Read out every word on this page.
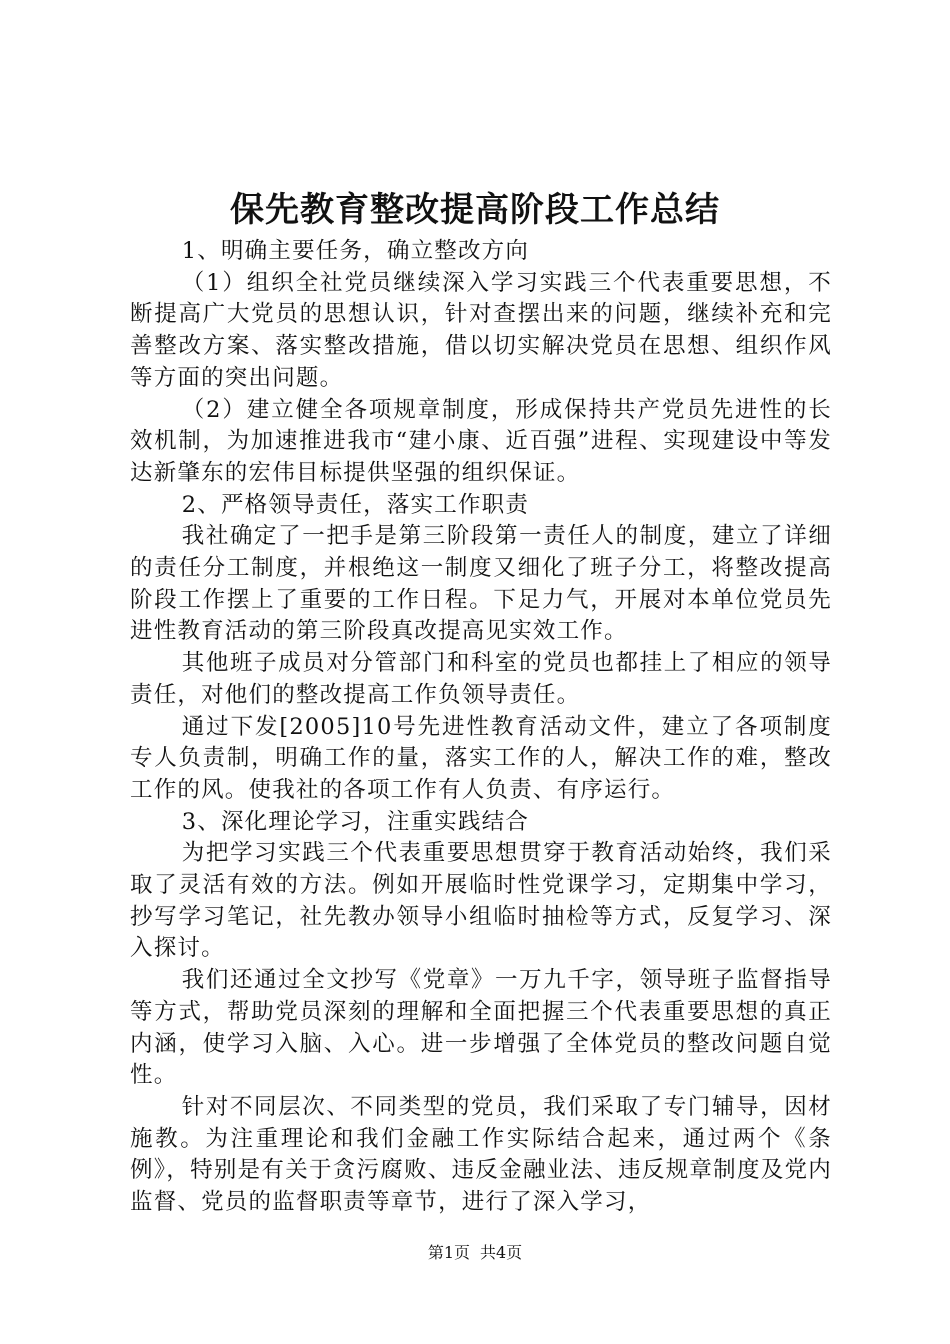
保先教育整改提高阶段工作总结

1、明确主要任务，确立整改方向

（1）组织全社党员继续深入学习实践三个代表重要思想，不断提高广大党员的思想认识，针对查摆出来的问题，继续补充和完善整改方案、落实整改措施，借以切实解决党员在思想、组织作风等方面的突出问题。

（2）建立健全各项规章制度，形成保持共产党员先进性的长效机制，为加速推进我市“建小康、近百强”进程、实现建设中等发达新肇东的宏伟目标提供坚强的组织保证。

2、严格领导责任，落实工作职责

我社确定了一把手是第三阶段第一责任人的制度，建立了详细的责任分工制度，并根绝这一制度又细化了班子分工，将整改提高阶段工作摆上了重要的工作日程。下足力气，开展对本单位党员先进性教育活动的第三阶段真改提高见实效工作。

其他班子成员对分管部门和科室的党员也都挂上了相应的领导责任，对他们的整改提高工作负领导责任。

通过下发[2005]10号先进性教育活动文件，建立了各项制度专人负责制，明确工作的量，落实工作的人，解决工作的难，整改工作的风。使我社的各项工作有人负责、有序运行。

3、深化理论学习，注重实践结合

为把学习实践三个代表重要思想贯穿于教育活动始终，我们采取了灵活有效的方法。例如开展临时性党课学习，定期集中学习，抄写学习笔记，社先教办领导小组临时抽检等方式，反复学习、深入探讨。

我们还通过全文抄写《党章》一万九千字，领导班子监督指导等方式，帮助党员深刻的理解和全面把握三个代表重要思想的真正内涵，使学习入脑、入心。进一步增强了全体党员的整改问题自觉性。

针对不同层次、不同类型的党员，我们采取了专门辅导，因材施教。为注重理论和我们金融工作实际结合起来，通过两个《条例》，特别是有关于贪污腐败、违反金融业法、违反规章制度及党内监督、党员的监督职责等章节，进行了深入学习，

第1页 共4页
